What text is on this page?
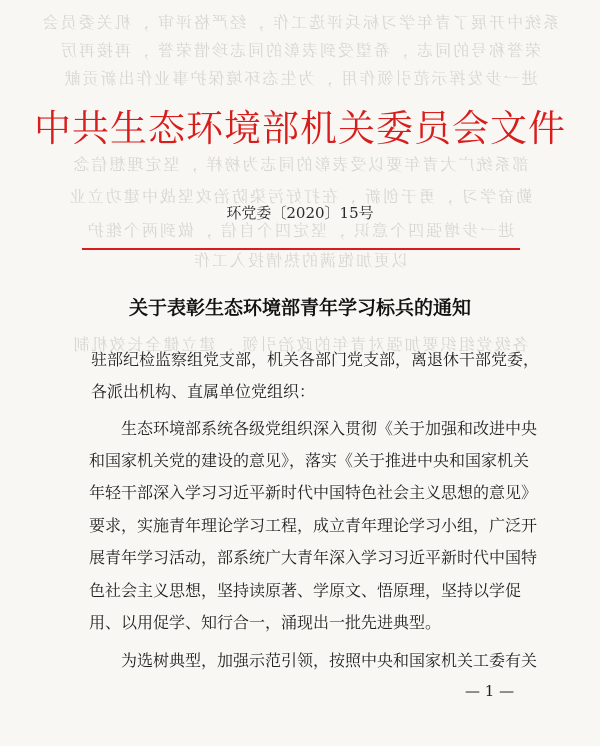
系统中开展了青年学习标兵评选工作 ，经严格评审 ，机关委员会
荣誉称号的同志 ，希望受到表彰的同志珍惜荣誉 ，再接再厉
进一步发挥示范引领作用 ，为生态环境保护事业作出新贡献
部系统广大青年要以受表彰的同志为榜样 ，坚定理想信念
勤奋学习 ，勇于创新 ，在打好污染防治攻坚战中建功立业
进一步增强四个意识 ，坚定四个自信 ，做到两个维护
以更加饱满的热情投入工作
各级党组织要加强对青年的政治引领 ，建立健全长效机制
中共生态环境部机关委员会文件
环党委〔2020〕15号
关于表彰生态环境部青年学习标兵的通知
驻部纪检监察组党支部，机关各部门党支部，离退休干部党委，
各派出机构、直属单位党组织：
生态环境部系统各级党组织深入贯彻《关于加强和改进中央
和国家机关党的建设的意见》，落实《关于推进中央和国家机关
年轻干部深入学习习近平新时代中国特色社会主义思想的意见》
要求，实施青年理论学习工程，成立青年理论学习小组，广泛开
展青年学习活动，部系统广大青年深入学习习近平新时代中国特
色社会主义思想，坚持读原著、学原文、悟原理，坚持以学促
用、以用促学、知行合一，涌现出一批先进典型。
为选树典型，加强示范引领，按照中央和国家机关工委有关
— 1 —
